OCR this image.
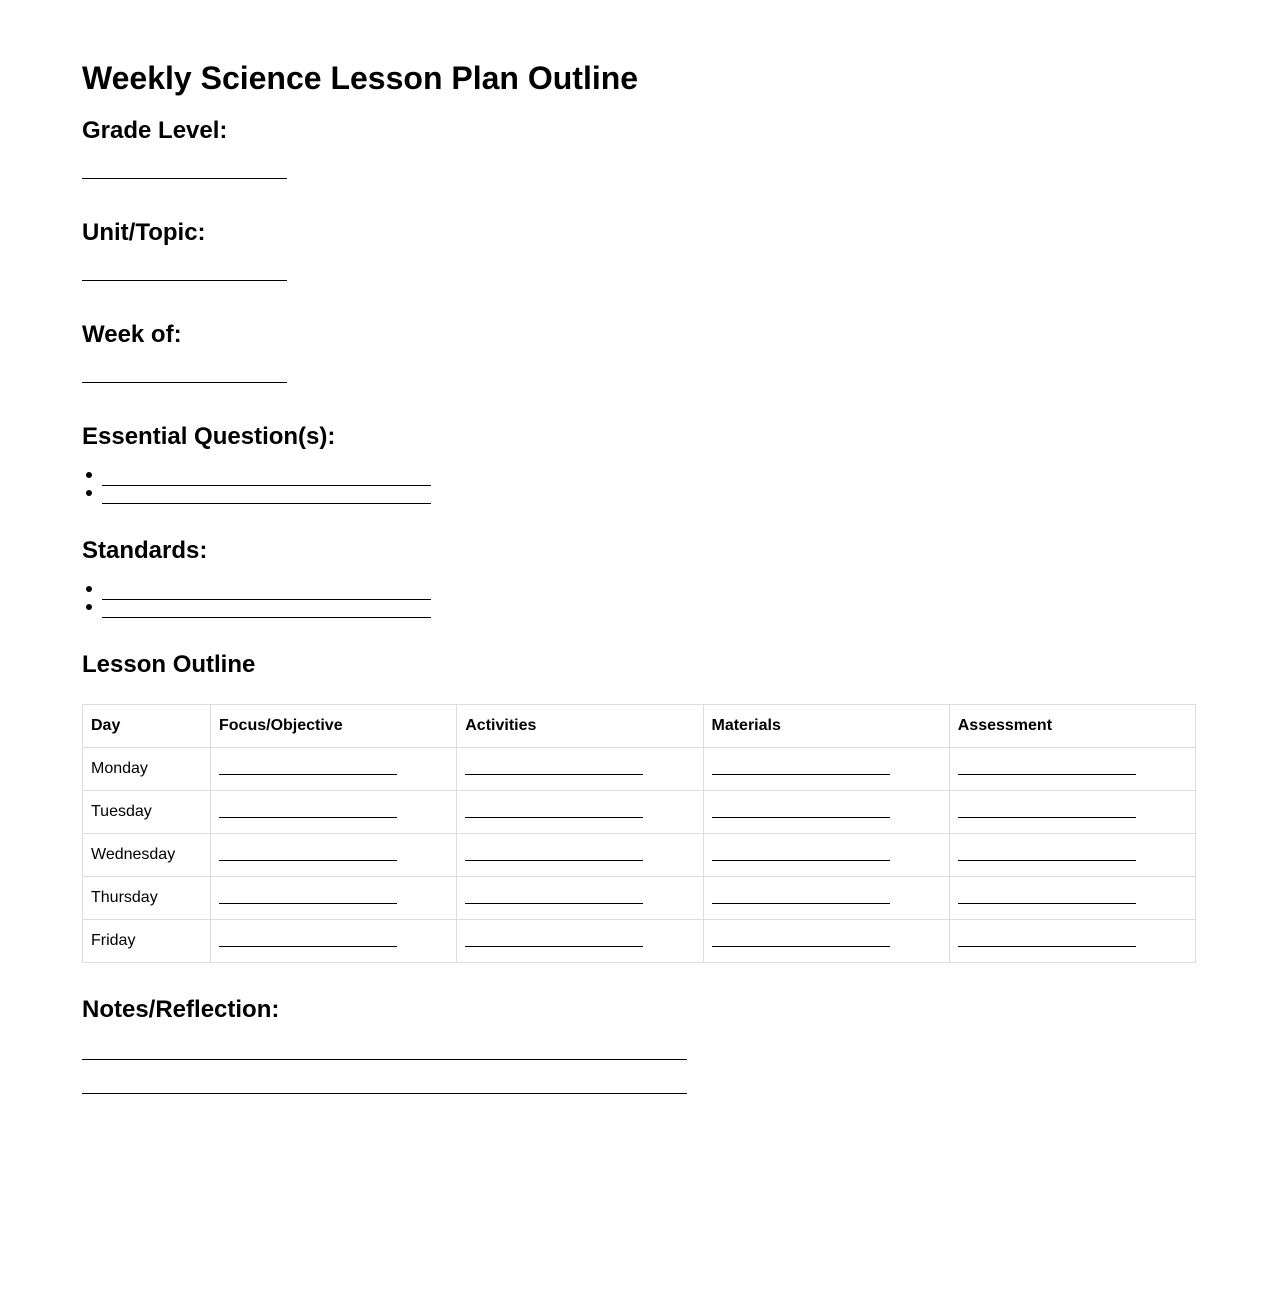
Weekly Science Lesson Plan Outline
Grade Level:
Unit/Topic:
Week of:
Essential Question(s):
Standards:
Lesson Outline
Day	Focus/Objective	Activities	Materials	Assessment
Monday				
Tuesday				
Wednesday				
Thursday				
Friday				
Notes/Reflection:
